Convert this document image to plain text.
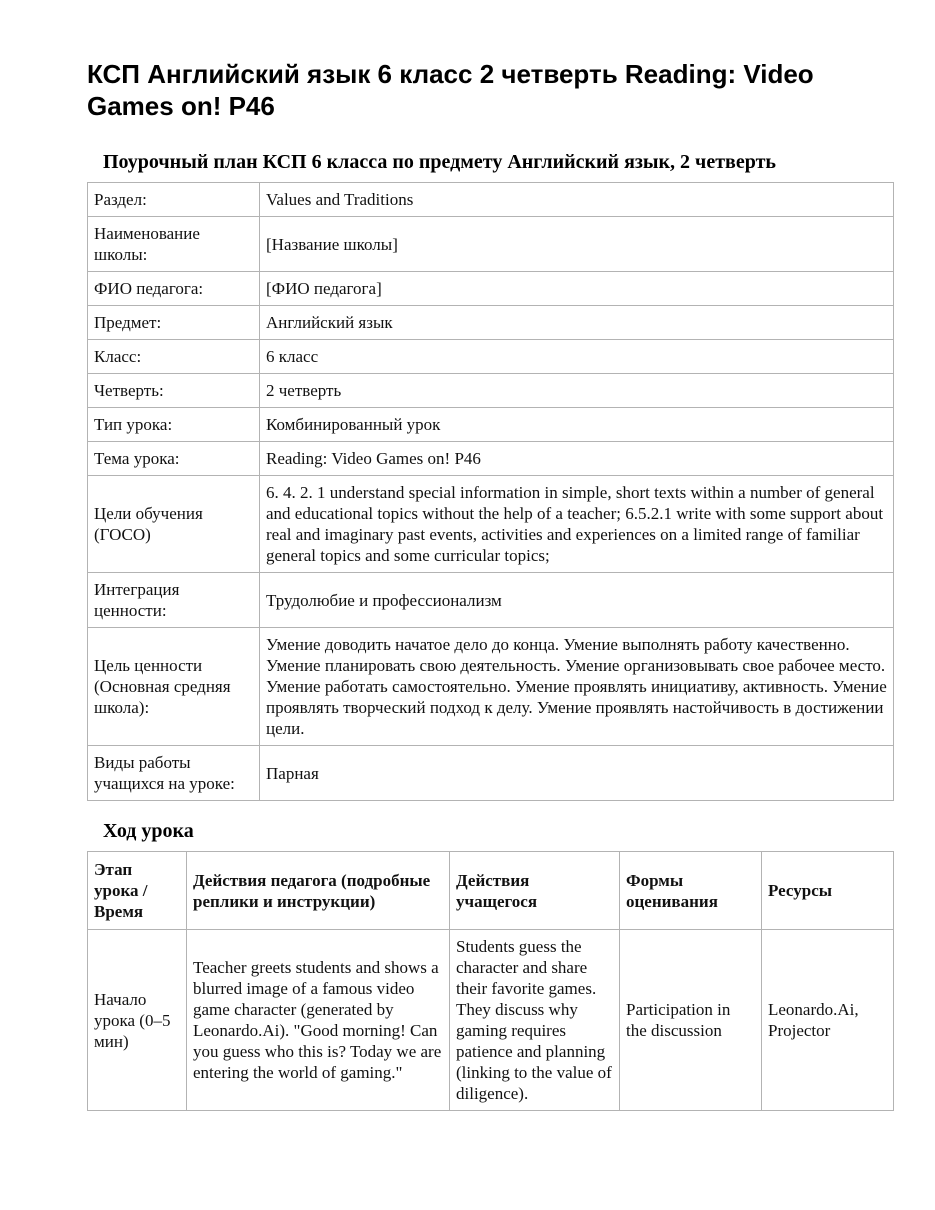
КСП Английский язык 6 класс 2 четверть Reading: Video Games on! P46
Поурочный план КСП 6 класса по предмету Английский язык, 2 четверть
Раздел:	Values and Traditions
Наименование школы:	[Название школы]
ФИО педагога:	[ФИО педагога]
Предмет:	Английский язык
Класс:	6 класс
Четверть:	2 четверть
Тип урока:	Комбинированный урок
Тема урока:	Reading: Video Games on! P46
Цели обучения (ГОСО)	6. 4. 2. 1 understand special information in simple, short texts within a number of general and educational topics without the help of a teacher; 6.5.2.1 write with some support about real and imaginary past events, activities and experiences on a limited range of familiar general topics and some curricular topics;
Интеграция ценности:	Трудолюбие и профессионализм
Цель ценности (Основная средняя школа):	Умение доводить начатое дело до конца. Умение выполнять работу качественно. Умение планировать свою деятельность. Умение организовывать свое рабочее место. Умение работать самостоятельно. Умение проявлять инициативу, активность. Умение проявлять творческий подход к делу. Умение проявлять настойчивость в достижении цели.
Виды работы учащихся на уроке:	Парная
Ход урока
Этап урока / Время	Действия педагога (подробные реплики и инструкции)	Действия учащегося	Формы оценивания	Ресурсы
Начало урока (0–5 мин)	Teacher greets students and shows a blurred image of a famous video game character (generated by Leonardo.Ai). "Good morning! Can you guess who this is? Today we are entering the world of gaming."	Students guess the character and share their favorite games. They discuss why gaming requires patience and planning (linking to the value of diligence).	Participation in the discussion	Leonardo.Ai, Projector
